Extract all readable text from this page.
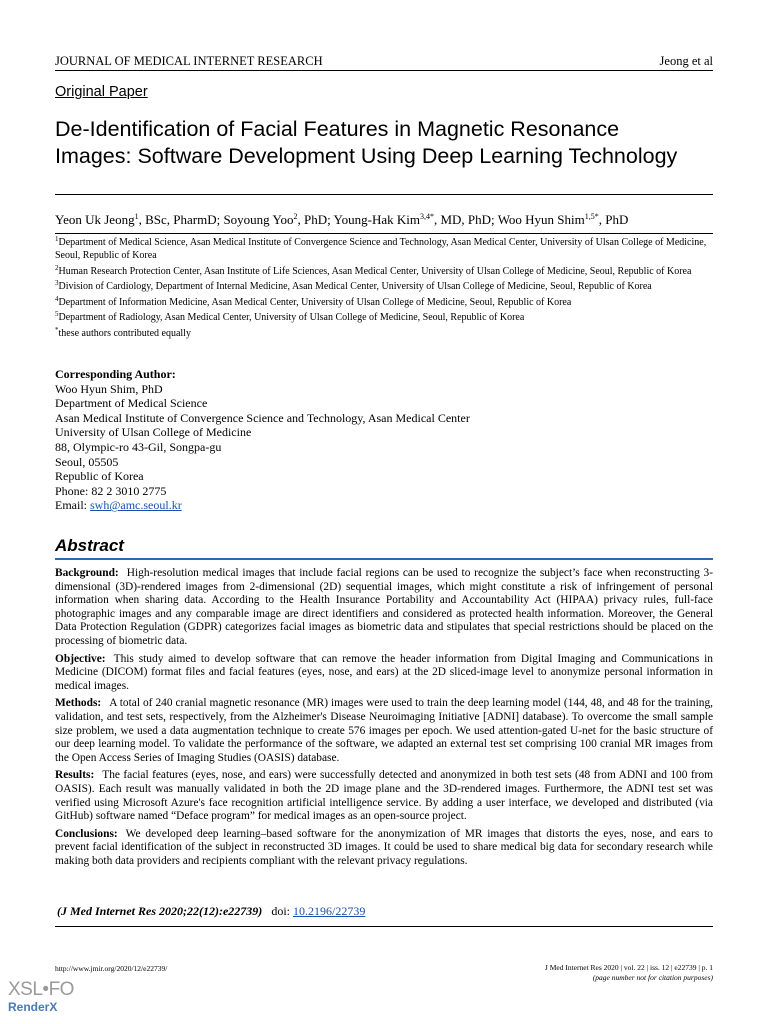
JOURNAL OF MEDICAL INTERNET RESEARCH	Jeong et al
Original Paper
De-Identification of Facial Features in Magnetic Resonance
Images: Software Development Using Deep Learning Technology
Yeon Uk Jeong$^1$, BSc, PharmD; Soyoung Yoo$^2$, PhD; Young-Hak Kim$^{3,4*}$, MD, PhD; Woo Hyun Shim$^{1,5*}$, PhD
$^1$Department of Medical Science, Asan Medical Institute of Convergence Science and Technology, Asan Medical Center, University of Ulsan College of Medicine, Seoul, Republic of Korea
$^2$Human Research Protection Center, Asan Institute of Life Sciences, Asan Medical Center, University of Ulsan College of Medicine, Seoul, Republic of Korea
$^3$Division of Cardiology, Department of Internal Medicine, Asan Medical Center, University of Ulsan College of Medicine, Seoul, Republic of Korea
$^4$Department of Information Medicine, Asan Medical Center, University of Ulsan College of Medicine, Seoul, Republic of Korea
$^5$Department of Radiology, Asan Medical Center, University of Ulsan College of Medicine, Seoul, Republic of Korea
*these authors contributed equally
Corresponding Author:
Woo Hyun Shim, PhD
Department of Medical Science
Asan Medical Institute of Convergence Science and Technology, Asan Medical Center
University of Ulsan College of Medicine
88, Olympic-ro 43-Gil, Songpa-gu
Seoul, 05505
Republic of Korea
Phone: 82 2 3010 2775
Email: swh@amc.seoul.kr
Abstract

Background: High-resolution medical images that include facial regions can be used to recognize the subject’s face when reconstructing 3-dimensional (3D)-rendered images from 2-dimensional (2D) sequential images, which might constitute a risk of infringement of personal information when sharing data. According to the Health Insurance Portability and Accountability Act (HIPAA) privacy rules, full-face photographic images and any comparable image are direct identifiers and considered as protected health information. Moreover, the General Data Protection Regulation (GDPR) categorizes facial images as biometric data and stipulates that special restrictions should be placed on the processing of biometric data.

Objective: This study aimed to develop software that can remove the header information from Digital Imaging and Communications in Medicine (DICOM) format files and facial features (eyes, nose, and ears) at the 2D sliced-image level to anonymize personal information in medical images.

Methods: A total of 240 cranial magnetic resonance (MR) images were used to train the deep learning model (144, 48, and 48 for the training, validation, and test sets, respectively, from the Alzheimer's Disease Neuroimaging Initiative [ADNI] database). To overcome the small sample size problem, we used a data augmentation technique to create 576 images per epoch. We used attention-gated U-net for the basic structure of our deep learning model. To validate the performance of the software, we adapted an external test set comprising 100 cranial MR images from the Open Access Series of Imaging Studies (OASIS) database.

Results: The facial features (eyes, nose, and ears) were successfully detected and anonymized in both test sets (48 from ADNI and 100 from OASIS). Each result was manually validated in both the 2D image plane and the 3D-rendered images. Furthermore, the ADNI test set was verified using Microsoft Azure's face recognition artificial intelligence service. By adding a user interface, we developed and distributed (via GitHub) software named “Deface program” for medical images as an open-source project.

Conclusions: We developed deep learning–based software for the anonymization of MR images that distorts the eyes, nose, and ears to prevent facial identification of the subject in reconstructed 3D images. It could be used to share medical big data for secondary research while making both data providers and recipients compliant with the relevant privacy regulations.

(J Med Internet Res 2020;22(12):e22739) doi: 10.2196/22739
http://www.jmir.org/2020/12/e22739/	J Med Internet Res 2020 | vol. 22 | iss. 12 | e22739 | p. 1
(page number not for citation purposes)
XSL•FO
RenderX
